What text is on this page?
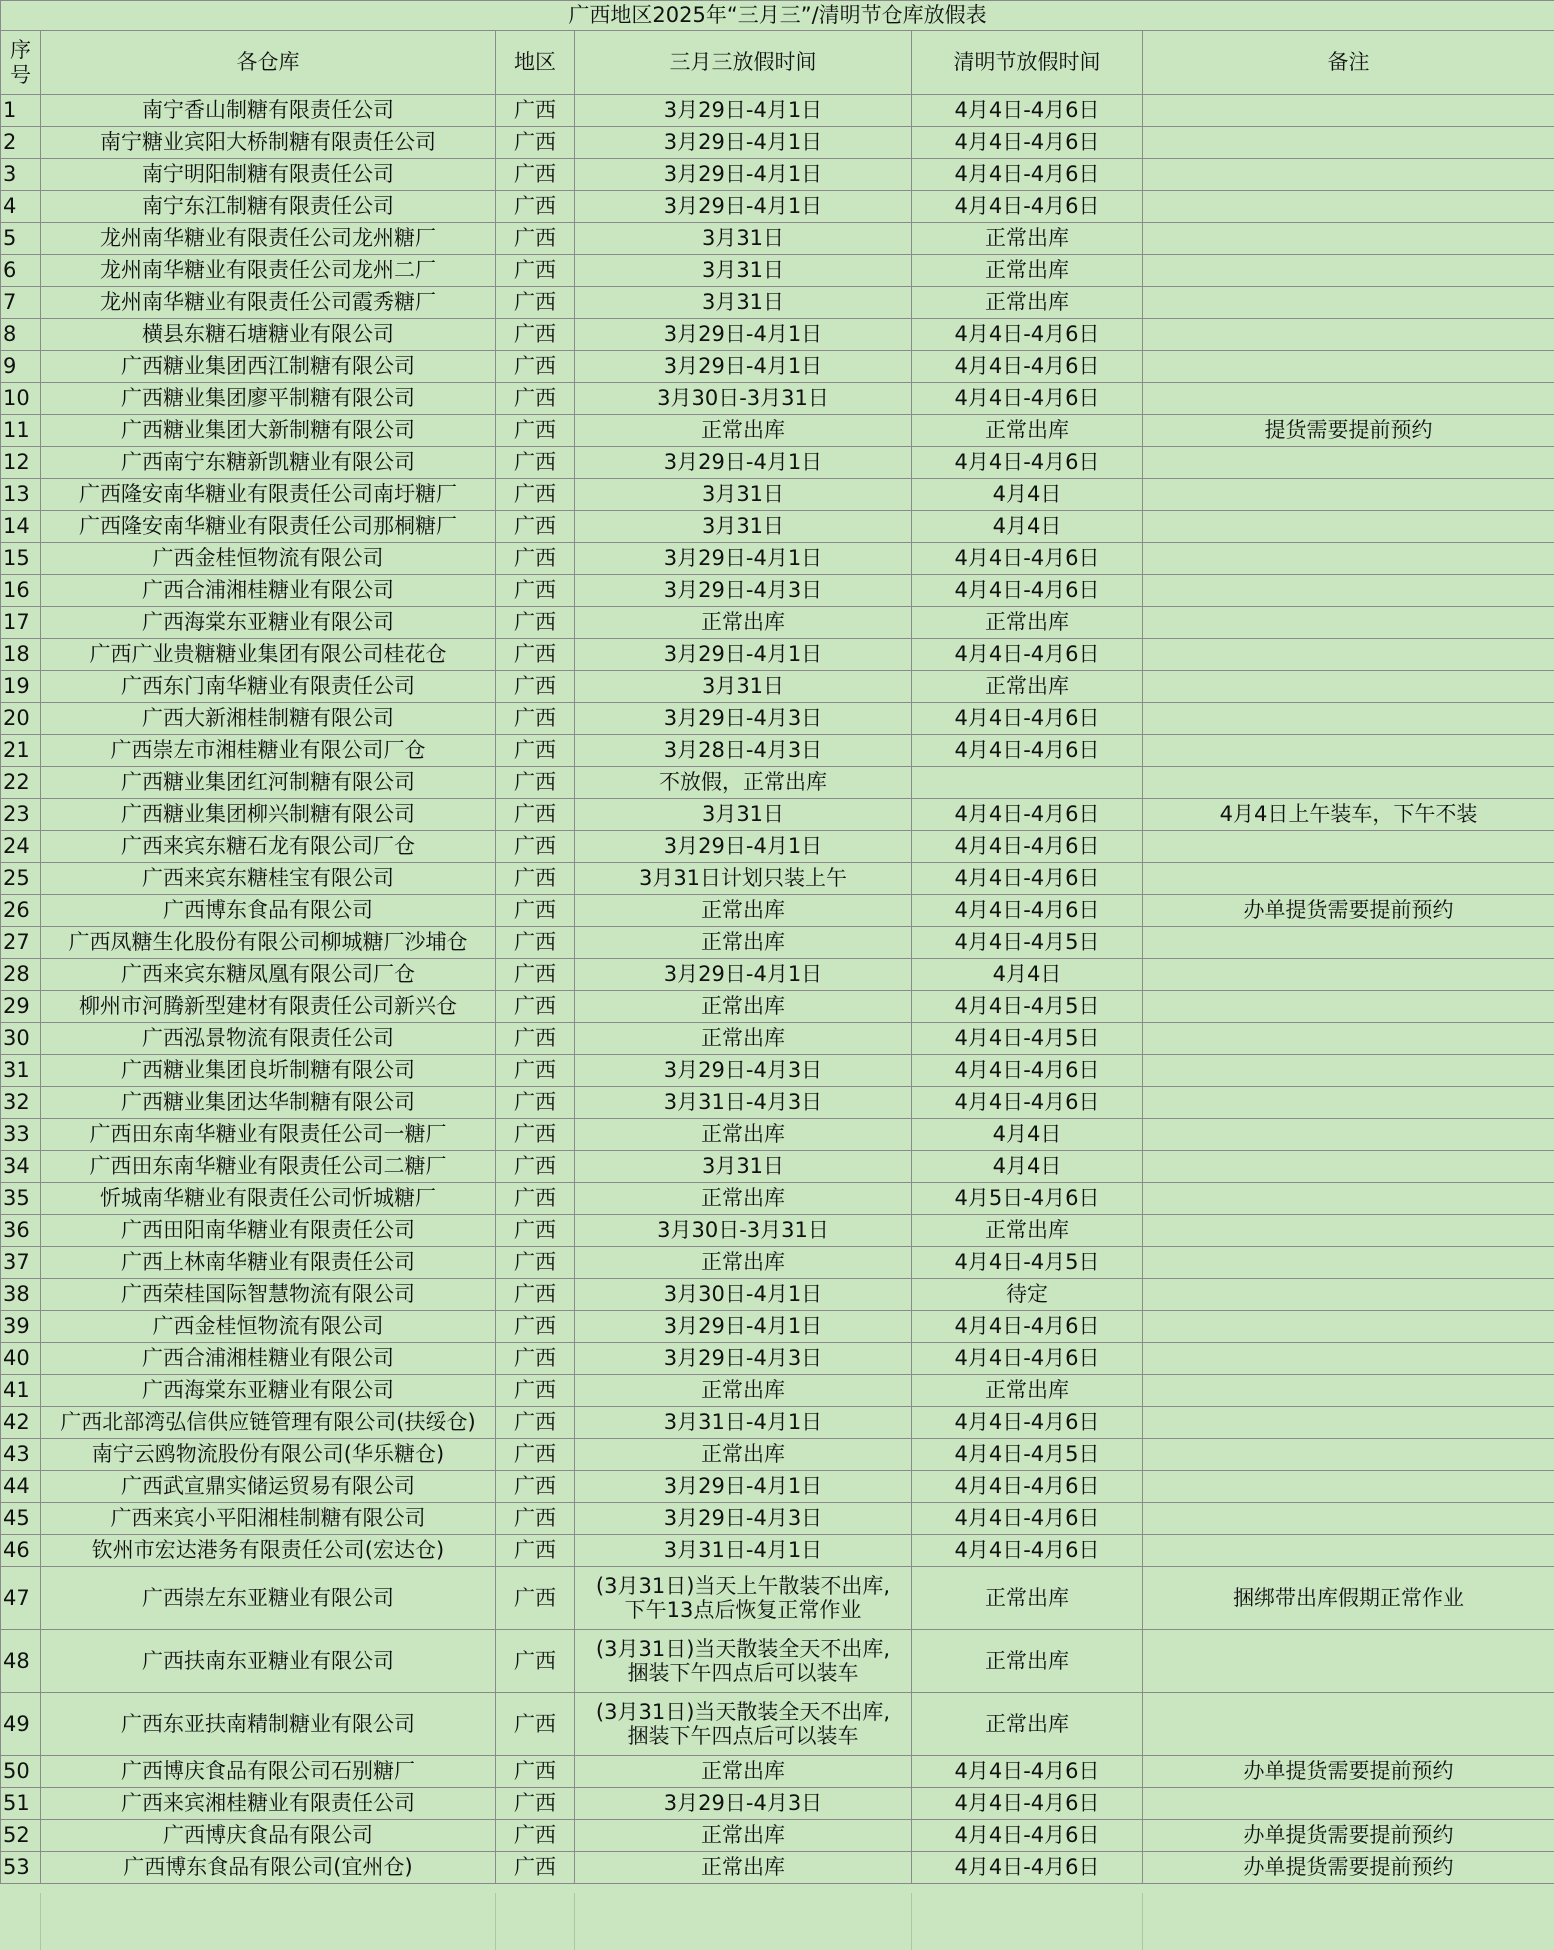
广西地区2025年“三月三”/清明节仓库放假表					
序
号	各仓库	地区	三月三放假时间	清明节放假时间	备注
1	南宁香山制糖有限责任公司	广西	3月29日-4月1日	4月4日-4月6日	
2	南宁糖业宾阳大桥制糖有限责任公司	广西	3月29日-4月1日	4月4日-4月6日	
3	南宁明阳制糖有限责任公司	广西	3月29日-4月1日	4月4日-4月6日	
4	南宁东江制糖有限责任公司	广西	3月29日-4月1日	4月4日-4月6日	
5	龙州南华糖业有限责任公司龙州糖厂	广西	3月31日	正常出库	
6	龙州南华糖业有限责任公司龙州二厂	广西	3月31日	正常出库	
7	龙州南华糖业有限责任公司霞秀糖厂	广西	3月31日	正常出库	
8	横县东糖石塘糖业有限公司	广西	3月29日-4月1日	4月4日-4月6日	
9	广西糖业集团西江制糖有限公司	广西	3月29日-4月1日	4月4日-4月6日	
10	广西糖业集团廖平制糖有限公司	广西	3月30日-3月31日	4月4日-4月6日	
11	广西糖业集团大新制糖有限公司	广西	正常出库	正常出库	提货需要提前预约
12	广西南宁东糖新凯糖业有限公司	广西	3月29日-4月1日	4月4日-4月6日	
13	广西隆安南华糖业有限责任公司南圩糖厂	广西	3月31日	4月4日	
14	广西隆安南华糖业有限责任公司那桐糖厂	广西	3月31日	4月4日	
15	广西金桂恒物流有限公司	广西	3月29日-4月1日	4月4日-4月6日	
16	广西合浦湘桂糖业有限公司	广西	3月29日-4月3日	4月4日-4月6日	
17	广西海棠东亚糖业有限公司	广西	正常出库	正常出库	
18	广西广业贵糖糖业集团有限公司桂花仓	广西	3月29日-4月1日	4月4日-4月6日	
19	广西东门南华糖业有限责任公司	广西	3月31日	正常出库	
20	广西大新湘桂制糖有限公司	广西	3月29日-4月3日	4月4日-4月6日	
21	广西崇左市湘桂糖业有限公司厂仓	广西	3月28日-4月3日	4月4日-4月6日	
22	广西糖业集团红河制糖有限公司	广西	不放假，正常出库		
23	广西糖业集团柳兴制糖有限公司	广西	3月31日	4月4日-4月6日	4月4日上午装车，下午不装
24	广西来宾东糖石龙有限公司厂仓	广西	3月29日-4月1日	4月4日-4月6日	
25	广西来宾东糖桂宝有限公司	广西	3月31日计划只装上午	4月4日-4月6日	
26	广西博东食品有限公司	广西	正常出库	4月4日-4月6日	办单提货需要提前预约
27	广西凤糖生化股份有限公司柳城糖厂沙埔仓	广西	正常出库	4月4日-4月5日	
28	广西来宾东糖凤凰有限公司厂仓	广西	3月29日-4月1日	4月4日	
29	柳州市河腾新型建材有限责任公司新兴仓	广西	正常出库	4月4日-4月5日	
30	广西泓景物流有限责任公司	广西	正常出库	4月4日-4月5日	
31	广西糖业集团良圻制糖有限公司	广西	3月29日-4月3日	4月4日-4月6日	
32	广西糖业集团达华制糖有限公司	广西	3月31日-4月3日	4月4日-4月6日	
33	广西田东南华糖业有限责任公司一糖厂	广西	正常出库	4月4日	
34	广西田东南华糖业有限责任公司二糖厂	广西	3月31日	4月4日	
35	忻城南华糖业有限责任公司忻城糖厂	广西	正常出库	4月5日-4月6日	
36	广西田阳南华糖业有限责任公司	广西	3月30日-3月31日	正常出库	
37	广西上林南华糖业有限责任公司	广西	正常出库	4月4日-4月5日	
38	广西荣桂国际智慧物流有限公司	广西	3月30日-4月1日	待定	
39	广西金桂恒物流有限公司	广西	3月29日-4月1日	4月4日-4月6日	
40	广西合浦湘桂糖业有限公司	广西	3月29日-4月3日	4月4日-4月6日	
41	广西海棠东亚糖业有限公司	广西	正常出库	正常出库	
42	广西北部湾弘信供应链管理有限公司(扶绥仓)	广西	3月31日-4月1日	4月4日-4月6日	
43	南宁云鸥物流股份有限公司(华乐糖仓)	广西	正常出库	4月4日-4月5日	
44	广西武宣鼎实储运贸易有限公司	广西	3月29日-4月1日	4月4日-4月6日	
45	广西来宾小平阳湘桂制糖有限公司	广西	3月29日-4月3日	4月4日-4月6日	
46	钦州市宏达港务有限责任公司(宏达仓)	广西	3月31日-4月1日	4月4日-4月6日	
47	广西崇左东亚糖业有限公司	广西	(3月31日)当天上午散装不出库,
下午13点后恢复正常作业	正常出库	捆绑带出库假期正常作业
48	广西扶南东亚糖业有限公司	广西	(3月31日)当天散装全天不出库,
捆装下午四点后可以装车	正常出库	
49	广西东亚扶南精制糖业有限公司	广西	(3月31日)当天散装全天不出库,
捆装下午四点后可以装车	正常出库	
50	广西博庆食品有限公司石别糖厂	广西	正常出库	4月4日-4月6日	办单提货需要提前预约
51	广西来宾湘桂糖业有限责任公司	广西	3月29日-4月3日	4月4日-4月6日	
52	广西博庆食品有限公司	广西	正常出库	4月4日-4月6日	办单提货需要提前预约
53	广西博东食品有限公司(宜州仓)	广西	正常出库	4月4日-4月6日	办单提货需要提前预约
